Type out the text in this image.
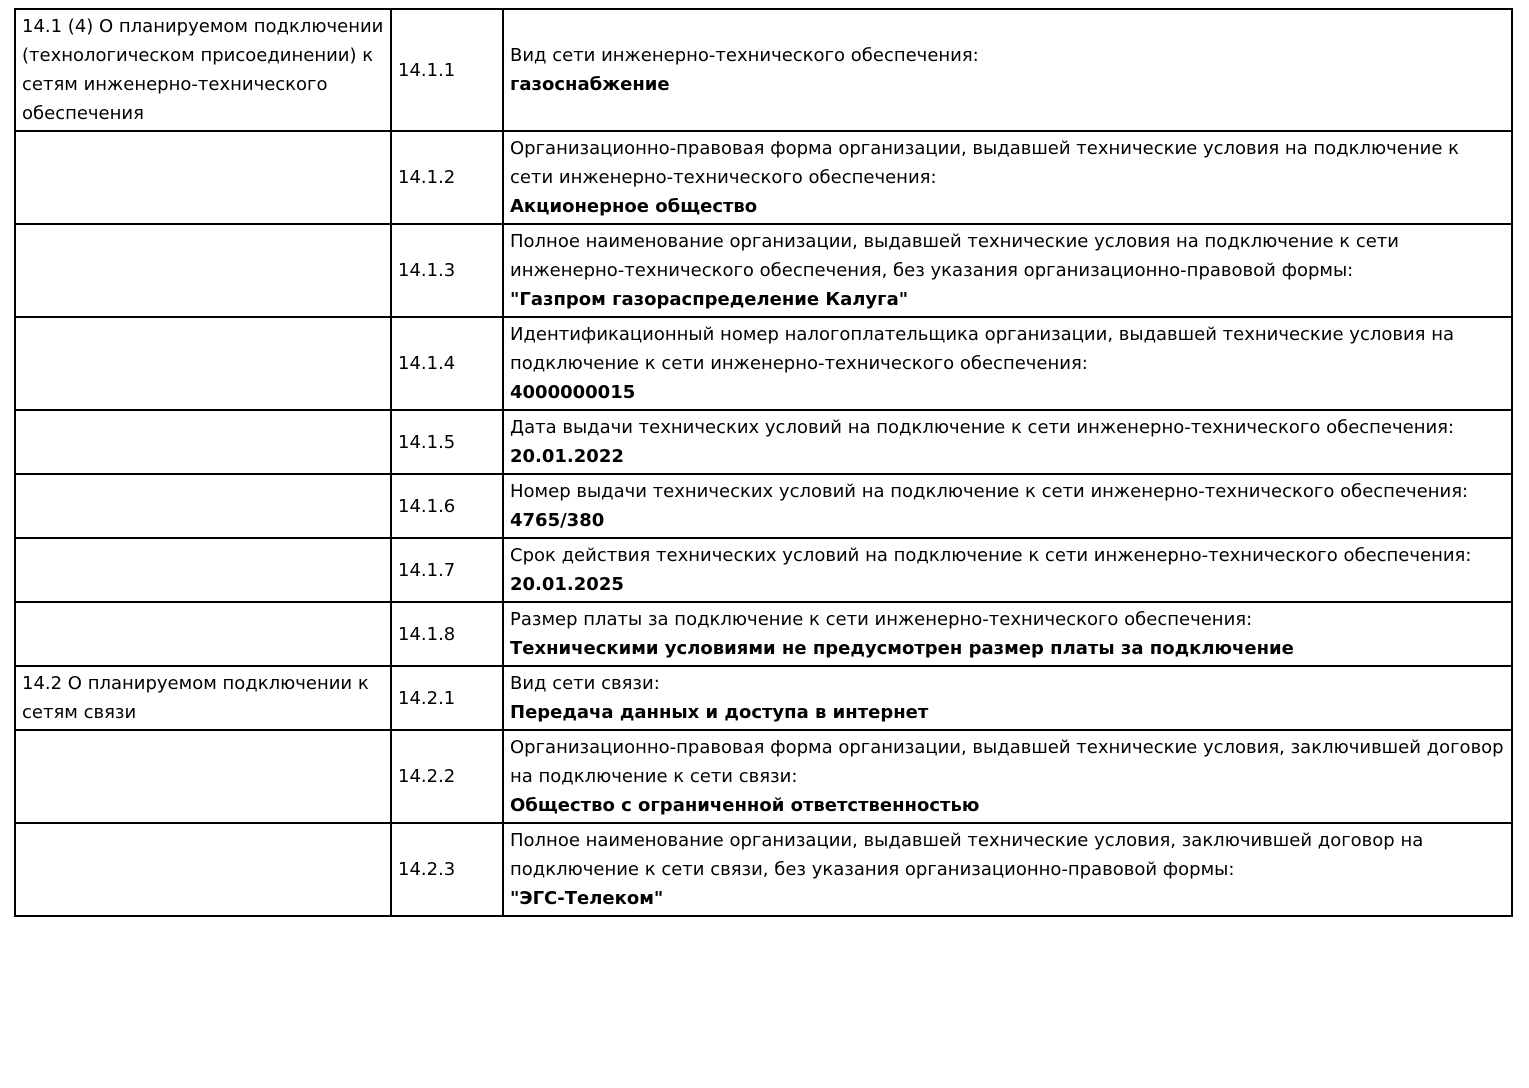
14.1 (4) О планируемом подключении (технологическом присоединении) к сетям инженерно-технического обеспечения	14.1.1	Вид сети инженерно-технического обеспечения:
газоснабжение

	14.1.2	Организационно-правовая форма организации, выдавшей технические условия на подключение к сети инженерно-технического обеспечения:
Акционерное общество

	14.1.3	Полное наименование организации, выдавшей технические условия на подключение к сети инженерно-технического обеспечения, без указания организационно-правовой формы:
"Газпром газораспределение Калуга"

	14.1.4	Идентификационный номер налогоплательщика организации, выдавшей технические условия на подключение к сети инженерно-технического обеспечения:
4000000015

	14.1.5	Дата выдачи технических условий на подключение к сети инженерно-технического обеспечения:
20.01.2022

	14.1.6	Номер выдачи технических условий на подключение к сети инженерно-технического обеспечения:
4765/380

	14.1.7	Срок действия технических условий на подключение к сети инженерно-технического обеспечения:
20.01.2025

	14.1.8	Размер платы за подключение к сети инженерно-технического обеспечения:
Техническими условиями не предусмотрен размер платы за подключение

14.2 О планируемом подключении к сетям связи	14.2.1	Вид сети связи:
Передача данных и доступа в интернет

	14.2.2	Организационно-правовая форма организации, выдавшей технические условия, заключившей договор на подключение к сети связи:
Общество с ограниченной ответственностью

	14.2.3	Полное наименование организации, выдавшей технические условия, заключившей договор на подключение к сети связи, без указания организационно-правовой формы:
"ЭГС-Телеком"
